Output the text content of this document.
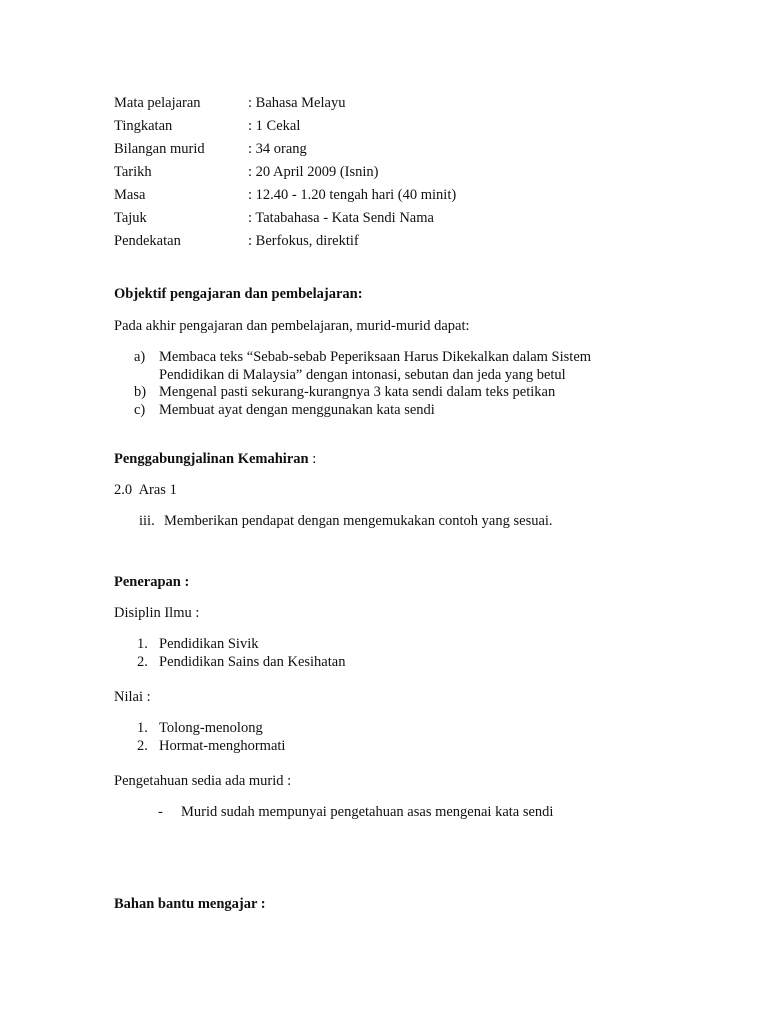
Mata pelajaran	: Bahasa Melayu
Tingkatan	: 1 Cekal
Bilangan murid	: 34 orang
Tarikh	: 20 April 2009 (Isnin)
Masa	: 12.40 - 1.20 tengah hari (40 minit)
Tajuk	: Tatabahasa - Kata Sendi Nama
Pendekatan	: Berfokus, direktif
Objektif pengajaran dan pembelajaran:
Pada akhir pengajaran dan pembelajaran, murid-murid dapat:
a) Membaca teks “Sebab-sebab Peperiksaan Harus Dikekalkan dalam Sistem
Pendidikan di Malaysia” dengan intonasi, sebutan dan jeda yang betul
b) Mengenal pasti sekurang-kurangnya 3 kata sendi dalam teks petikan
c) Membuat ayat dengan menggunakan kata sendi
Penggabungjalinan Kemahiran :
2.0  Aras 1
iii. Memberikan pendapat dengan mengemukakan contoh yang sesuai.
Penerapan :
Disiplin Ilmu :
1. Pendidikan Sivik
2. Pendidikan Sains dan Kesihatan
Nilai :
1. Tolong-menolong
2. Hormat-menghormati
Pengetahuan sedia ada murid :
- Murid sudah mempunyai pengetahuan asas mengenai kata sendi
Bahan bantu mengajar :
